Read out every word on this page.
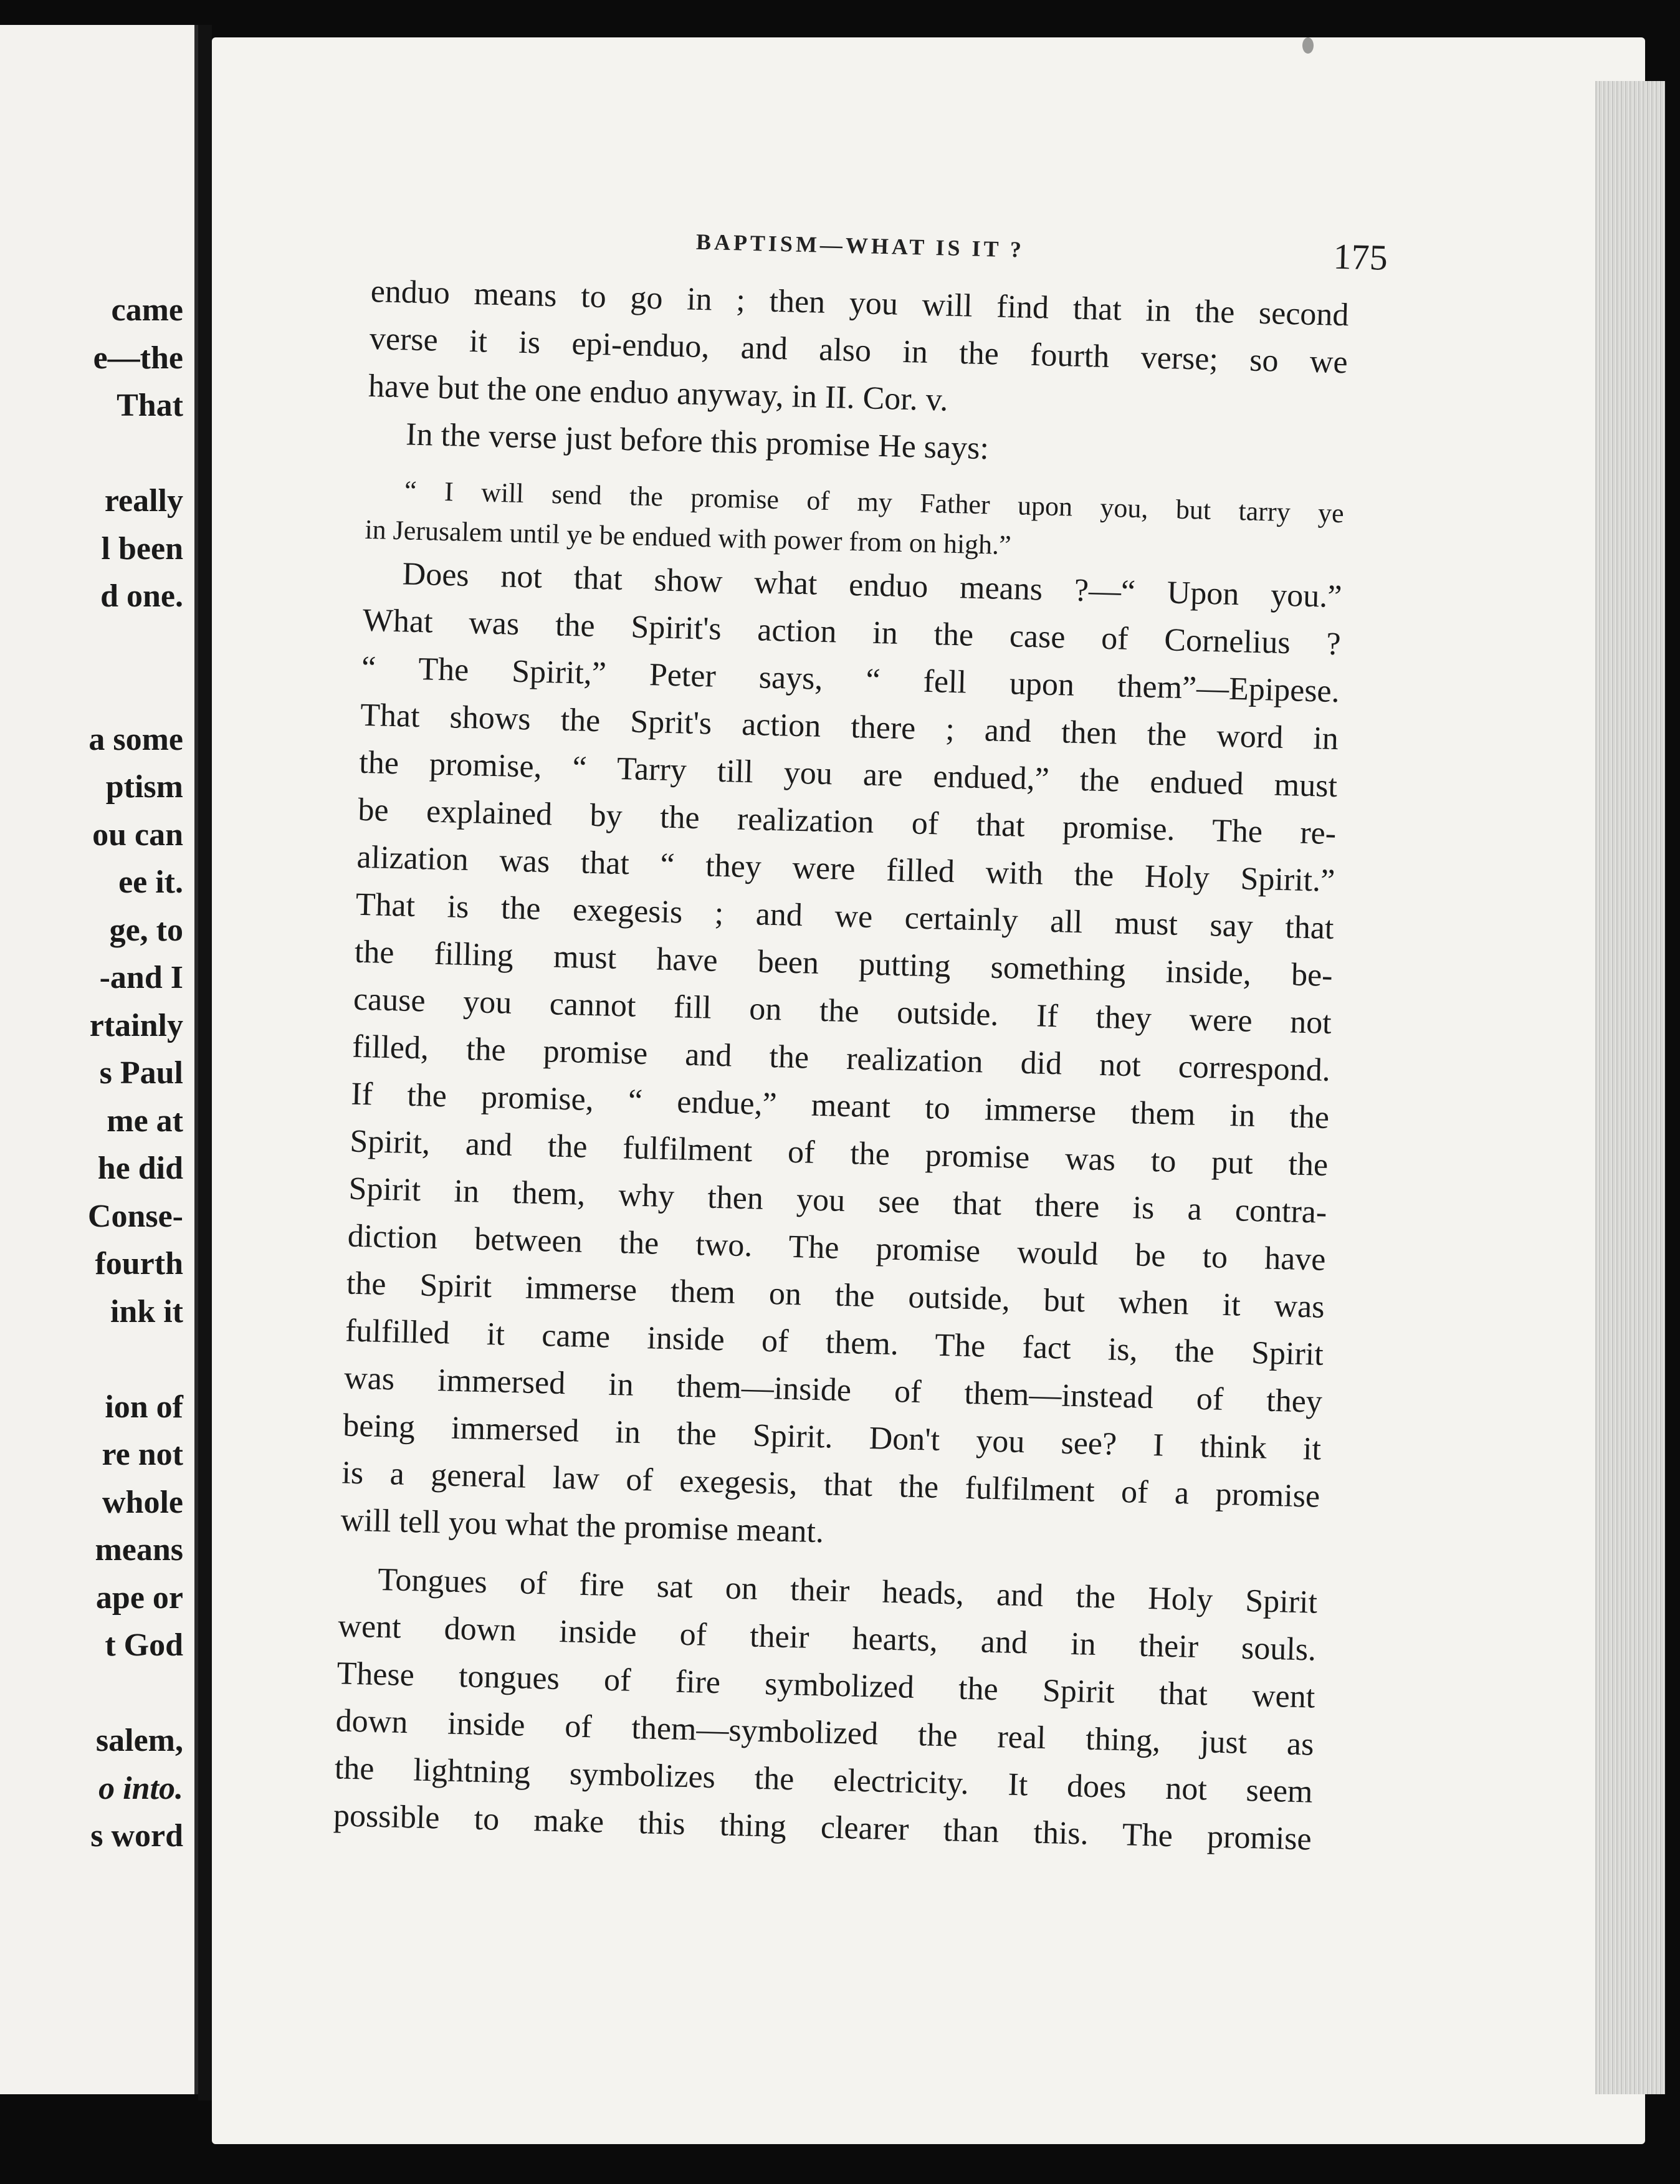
came
e—the
That
really
l been
d one.
a some
ptism
ou can
ee it.
ge, to
-and I
rtainly
s Paul
me at
he did
Conse-
fourth
ink it
ion of
re not
whole
means
ape or
t God
salem,
o into.
s word
BAPTISM—WHAT IS IT ?	175
enduo means to go in ; then you will find that in the second
verse it is epi-enduo, and also in the fourth verse; so we
have but the one enduo anyway, in II. Cor. v.
In the verse just before this promise He says:
“ I will send the promise of my Father upon you, but tarry ye
in Jerusalem until ye be endued with power from on high.”
Does not that show what enduo means ?—“ Upon you.”
What was the Spirit's action in the case of Cornelius ?
“ The Spirit,” Peter says, “ fell upon them”—Epipese.
That shows the Sprit's action there ; and then the word in
the promise, “ Tarry till you are endued,” the endued must
be explained by the realization of that promise. The re-
alization was that “ they were filled with the Holy Spirit.”
That is the exegesis ; and we certainly all must say that
the filling must have been putting something inside, be-
cause you cannot fill on the outside. If they were not
filled, the promise and the realization did not correspond.
If the promise, “ endue,” meant to immerse them in the
Spirit, and the fulfilment of the promise was to put the
Spirit in them, why then you see that there is a contra-
diction between the two. The promise would be to have
the Spirit immerse them on the outside, but when it was
fulfilled it came inside of them. The fact is, the Spirit
was immersed in them—inside of them—instead of they
being immersed in the Spirit. Don't you see? I think it
is a general law of exegesis, that the fulfilment of a promise
will tell you what the promise meant.
Tongues of fire sat on their heads, and the Holy Spirit
went down inside of their hearts, and in their souls.
These tongues of fire symbolized the Spirit that went
down inside of them—symbolized the real thing, just as
the lightning symbolizes the electricity. It does not seem
possible to make this thing clearer than this. The promise
